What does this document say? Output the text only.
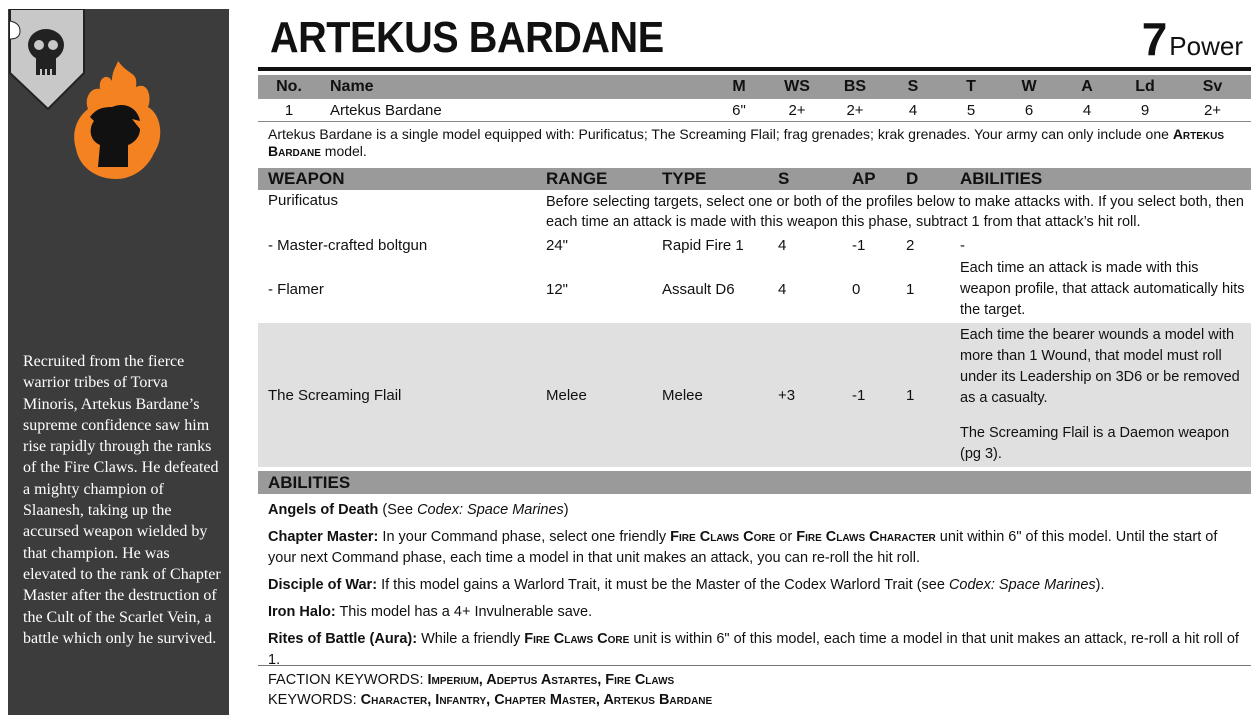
Recruited from the fierce warrior tribes of Torva Minoris, Artekus Bardane’s supreme confidence saw him rise rapidly through the ranks of the Fire Claws. He defeated a mighty champion of Slaanesh, taking up the accursed weapon wielded by that champion. He was elevated to the rank of Chapter Master after the destruction of the Cult of the Scarlet Vein, a battle which only he survived.
ARTEKUS BARDANE	7 Power
No.	Name	M	WS	BS	S	T	W	A	Ld	Sv
1	Artekus Bardane	6"	2+	2+	4	5	6	4	9	2+
Artekus Bardane is a single model equipped with: Purificatus; The Screaming Flail; frag grenades; krak grenades. Your army can only include one Artekus Bardane model.
WEAPON	RANGE	TYPE	S	AP	D	ABILITIES
Purificatus	Before selecting targets, select one or both of the profiles below to make attacks with. If you select both, then each time an attack is made with this weapon this phase, subtract 1 from that attack’s hit roll.					
- Master-crafted boltgun	24"	Rapid Fire 1	4	-1	2	-
- Flamer	12"	Assault D6	4	0	1	Each time an attack is made with this weapon profile, that attack automatically hits the target.
The Screaming Flail	Melee	Melee	+3	-1	1	Each time the bearer wounds a model with more than 1 Wound, that model must roll under its Leadership on 3D6 or be removed as a casualty.
The Screaming Flail is a Daemon weapon (pg 3).
ABILITIES

Angels of Death (See Codex: Space Marines)

Chapter Master: In your Command phase, select one friendly Fire Claws Core or Fire Claws Character unit within 6" of this model. Until the start of your next Command phase, each time a model in that unit makes an attack, you can re-roll the hit roll.

Disciple of War: If this model gains a Warlord Trait, it must be the Master of the Codex Warlord Trait (see Codex: Space Marines).

Iron Halo: This model has a 4+ Invulnerable save.

Rites of Battle (Aura): While a friendly Fire Claws Core unit is within 6" of this model, each time a model in that unit makes an attack, re-roll a hit roll of 1.

FACTION KEYWORDS: Imperium, Adeptus Astartes, Fire Claws
KEYWORDS: Character, Infantry, Chapter Master, Artekus Bardane
